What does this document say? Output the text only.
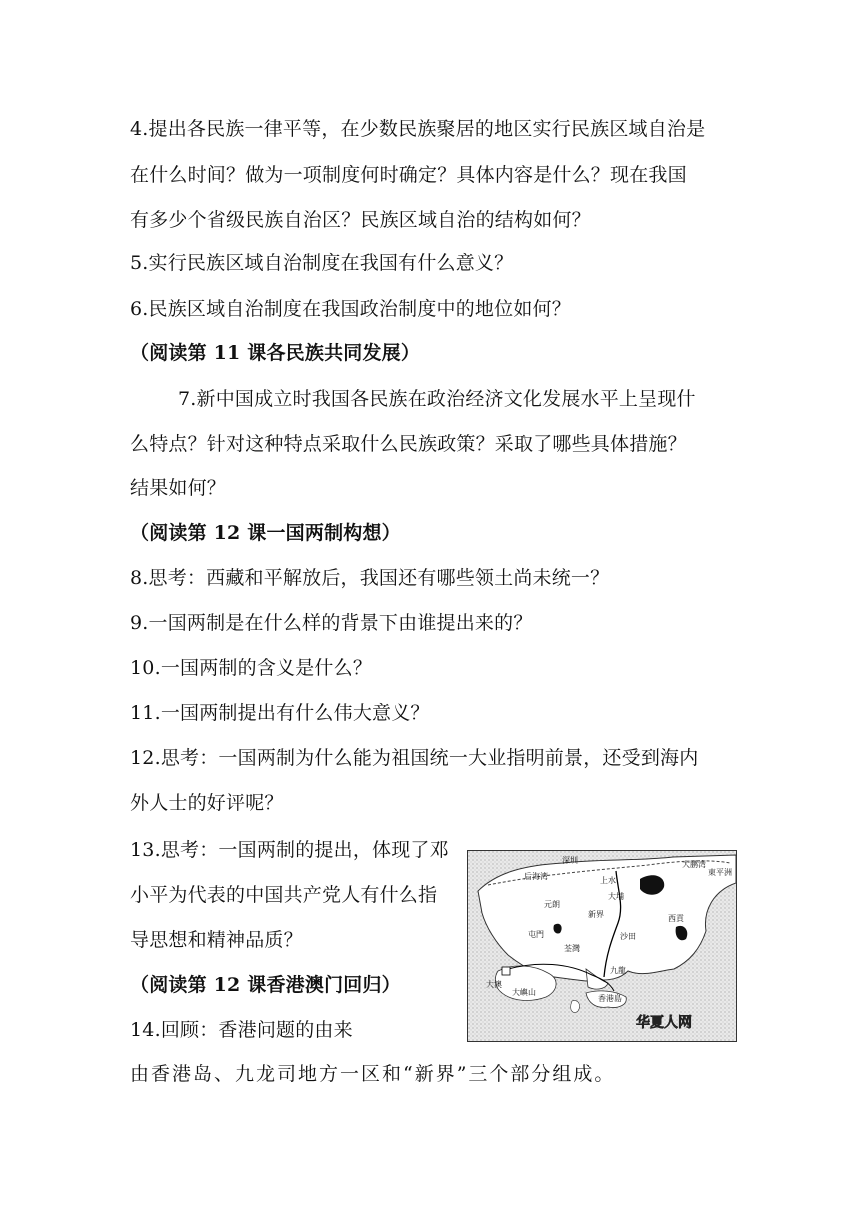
4.提出各民族一律平等，在少数民族聚居的地区实行民族区域自治是
在什么时间？做为一项制度何时确定？具体内容是什么？现在我国
有多少个省级民族自治区？民族区域自治的结构如何？
5.实行民族区域自治制度在我国有什么意义？
6.民族区域自治制度在我国政治制度中的地位如何？
（阅读第 11 课各民族共同发展）
7.新中国成立时我国各民族在政治经济文化发展水平上呈现什
么特点？针对这种特点采取什么民族政策？采取了哪些具体措施？
结果如何？
（阅读第 12 课一国两制构想）
8.思考：西藏和平解放后，我国还有哪些领土尚未统一？
9.一国两制是在什么样的背景下由谁提出来的？
10.一国两制的含义是什么？
11.一国两制提出有什么伟大意义？
12.思考：一国两制为什么能为祖国统一大业指明前景，还受到海内
外人士的好评呢？
13.思考：一国两制的提出，体现了邓
小平为代表的中国共产党人有什么指
导思想和精神品质？
（阅读第 12 课香港澳门回归）
14.回顾：香港问题的由来
由香港岛、九龙司地方一区和“新界”三个部分组成。
深圳
后海湾
大鹏湾
東平洲
上水
大埔
元朗
新界
屯門	沙田
西貢
荃灣
九龍
大嶼山
香港島
大澳
华夏人网
